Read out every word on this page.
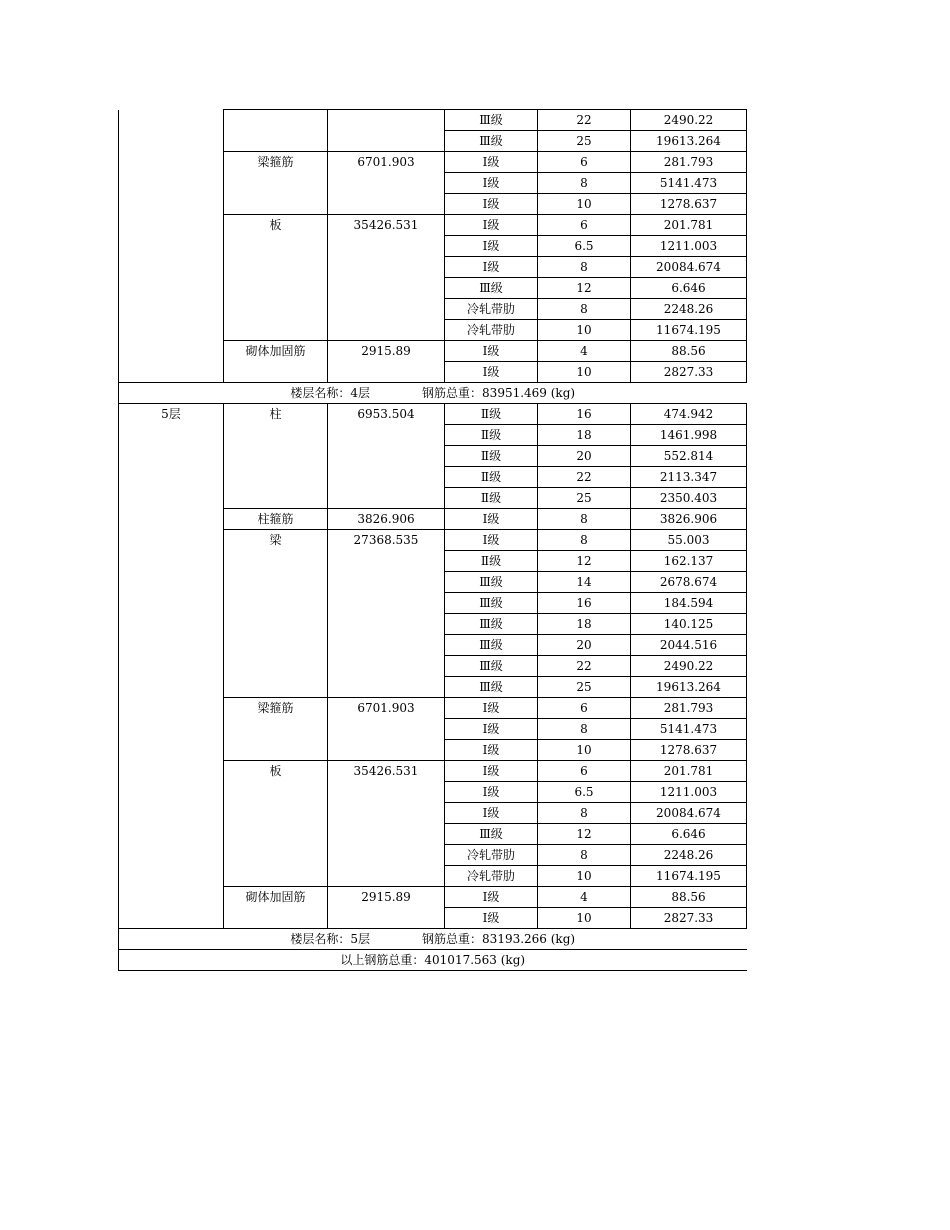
			Ⅲ级	22	2490.22
			Ⅲ级	25	19613.264
	梁箍筋	6701.903	Ⅰ级	6	281.793
			Ⅰ级	8	5141.473
			Ⅰ级	10	1278.637
	板	35426.531	Ⅰ级	6	201.781
			Ⅰ级	6.5	1211.003
			Ⅰ级	8	20084.674
			Ⅲ级	12	6.646
			冷轧带肋	8	2248.26
			冷轧带肋	10	11674.195
	砌体加固筋	2915.89	Ⅰ级	4	88.56
			Ⅰ级	10	2827.33
楼层名称：4层 钢筋总重：83951.469 (kg)					
5层	柱	6953.504	Ⅱ级	16	474.942
			Ⅱ级	18	1461.998
			Ⅱ级	20	552.814
			Ⅱ级	22	2113.347
			Ⅱ级	25	2350.403
	柱箍筋	3826.906	Ⅰ级	8	3826.906
	梁	27368.535	Ⅰ级	8	55.003
			Ⅱ级	12	162.137
			Ⅲ级	14	2678.674
			Ⅲ级	16	184.594
			Ⅲ级	18	140.125
			Ⅲ级	20	2044.516
			Ⅲ级	22	2490.22
			Ⅲ级	25	19613.264
	梁箍筋	6701.903	Ⅰ级	6	281.793
			Ⅰ级	8	5141.473
			Ⅰ级	10	1278.637
	板	35426.531	Ⅰ级	6	201.781
			Ⅰ级	6.5	1211.003
			Ⅰ级	8	20084.674
			Ⅲ级	12	6.646
			冷轧带肋	8	2248.26
			冷轧带肋	10	11674.195
	砌体加固筋	2915.89	Ⅰ级	4	88.56
			Ⅰ级	10	2827.33
楼层名称：5层 钢筋总重：83193.266 (kg)					
以上钢筋总重：401017.563 (kg)					
